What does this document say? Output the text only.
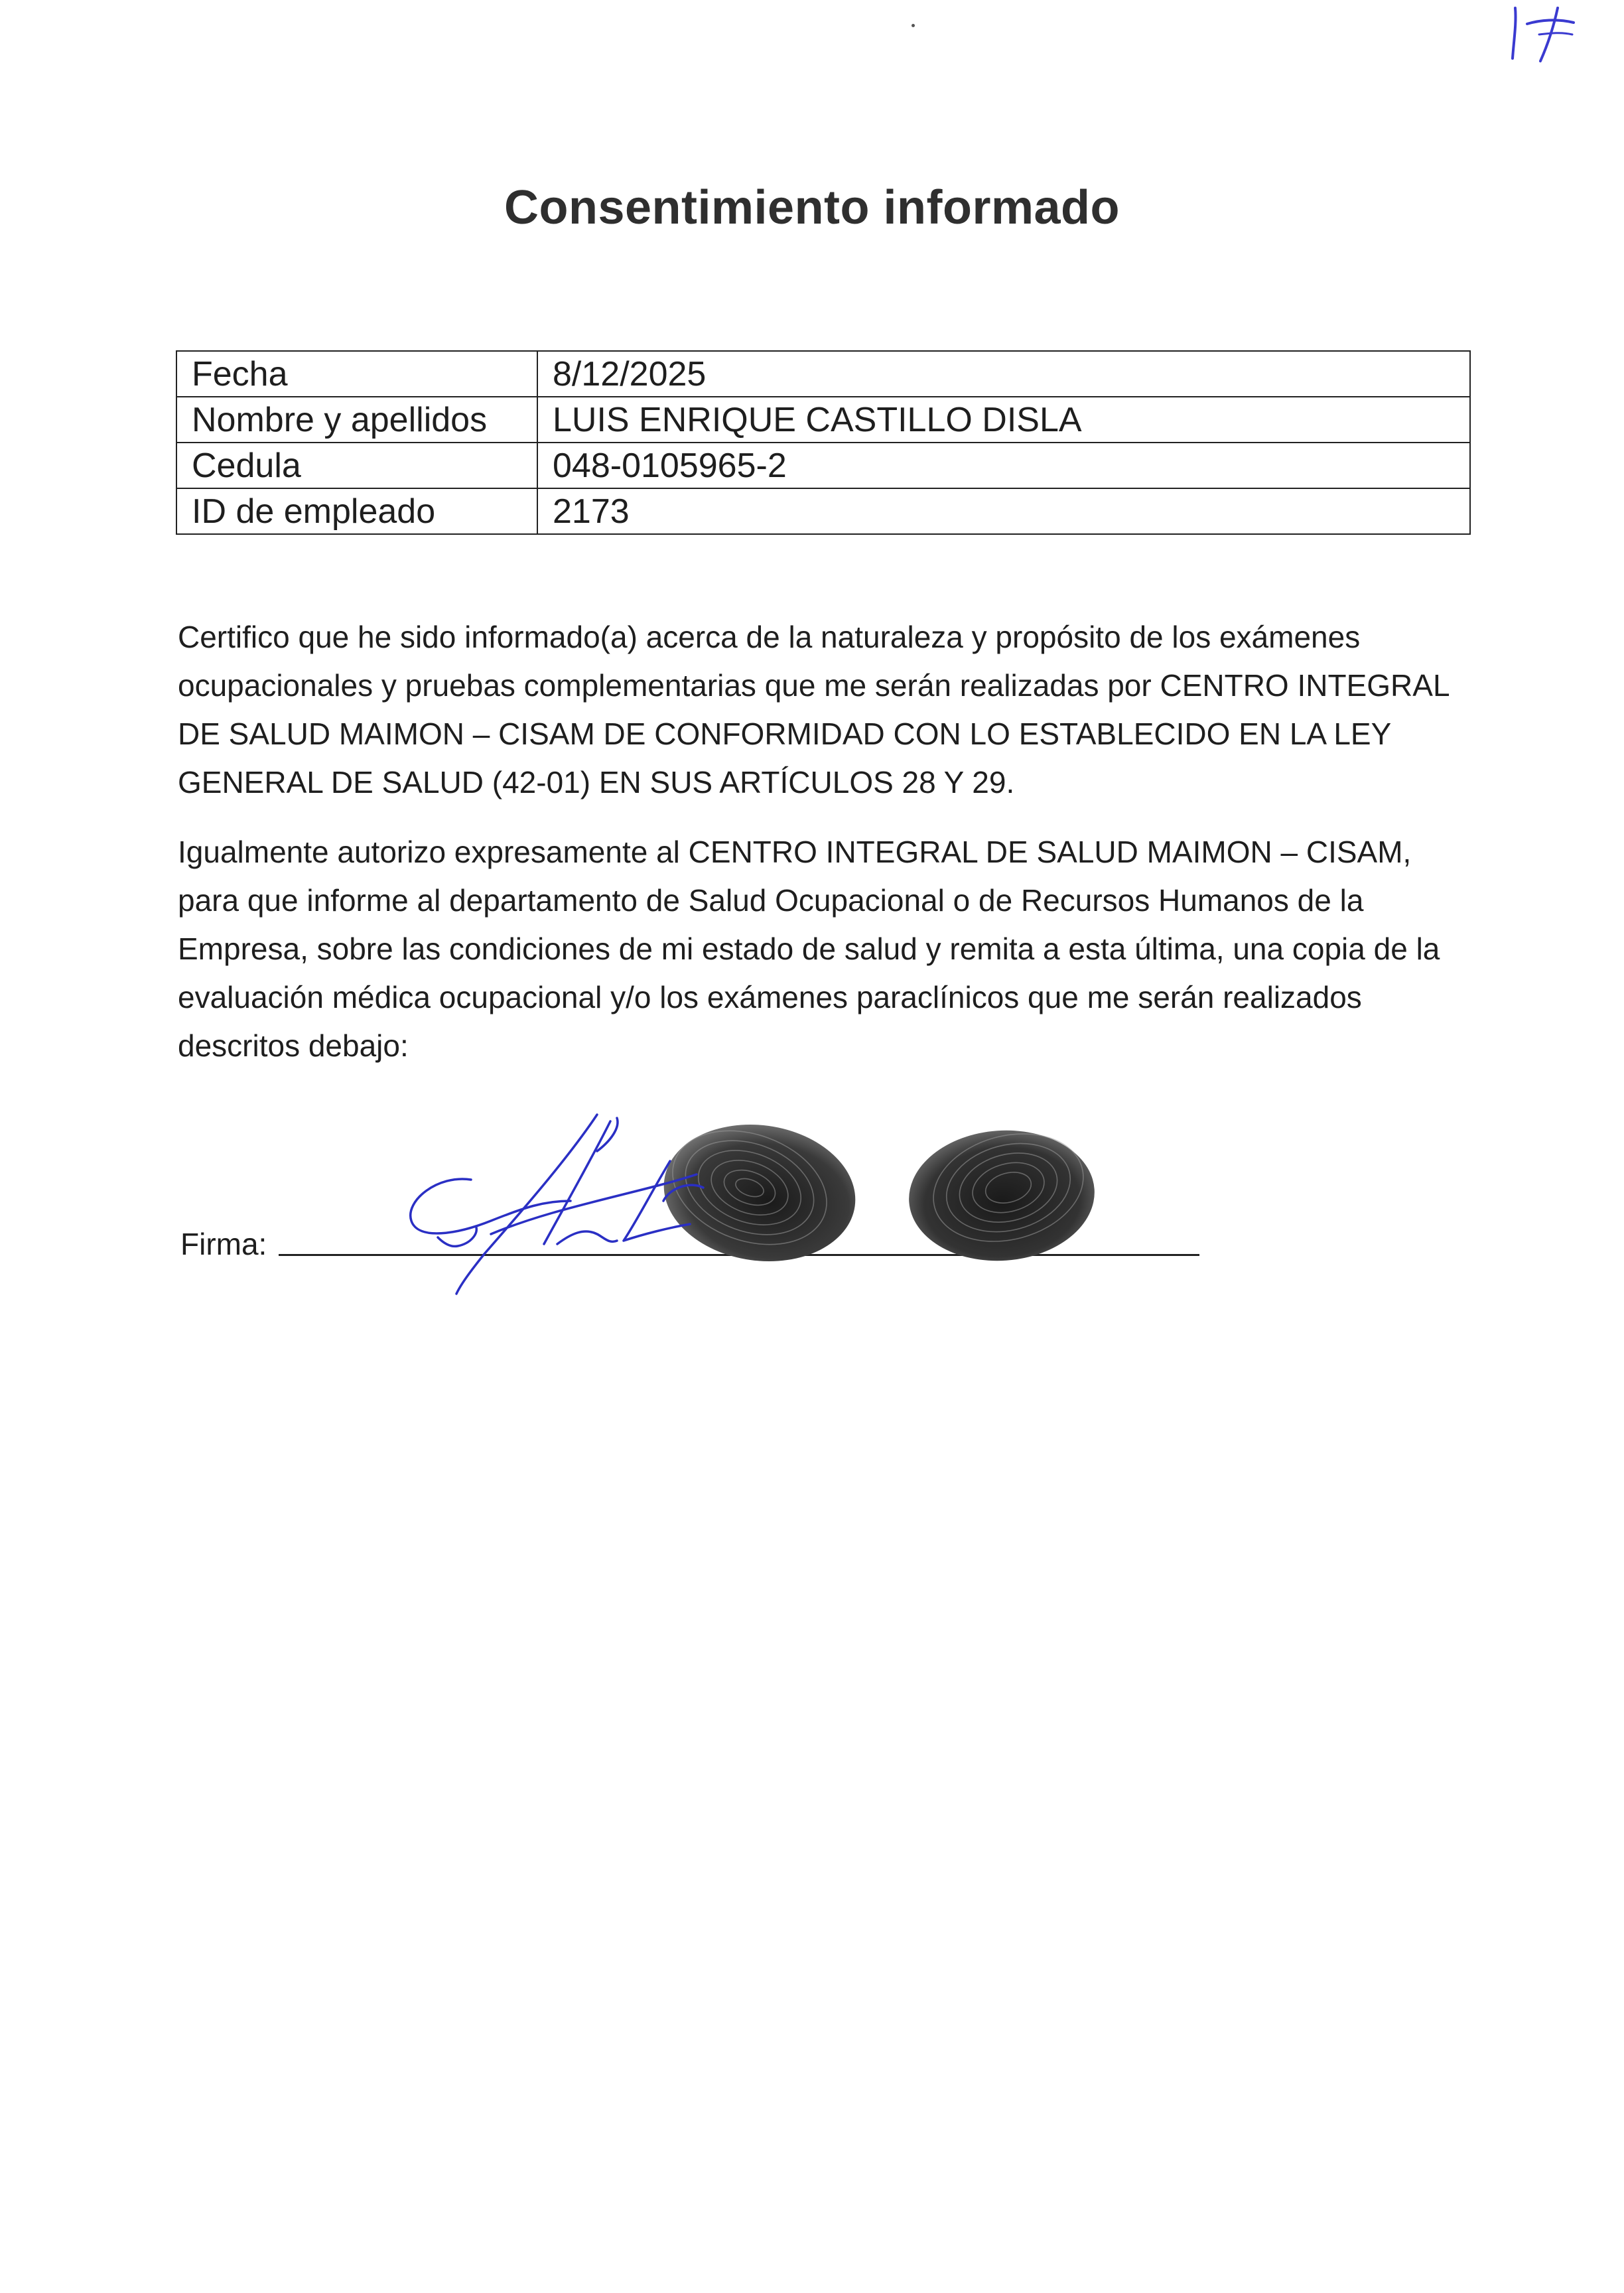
Consentimiento informado
Fecha	8/12/2025
Nombre y apellidos	LUIS ENRIQUE CASTILLO DISLA
Cedula	048-0105965-2
ID de empleado	2173

Certifico que he sido informado(a) acerca de la naturaleza y propósito de los exámenes ocupacionales y pruebas complementarias que me serán realizadas por CENTRO INTEGRAL DE SALUD MAIMON – CISAM DE CONFORMIDAD CON LO ESTABLECIDO EN LA LEY GENERAL DE SALUD (42-01) EN SUS ARTÍCULOS 28 Y 29.

Igualmente autorizo expresamente al CENTRO INTEGRAL DE SALUD MAIMON – CISAM, para que informe al departamento de Salud Ocupacional o de Recursos Humanos de la Empresa, sobre las condiciones de mi estado de salud y remita a esta última, una copia de la evaluación médica ocupacional y/o los exámenes paraclínicos que me serán realizados descritos debajo:

Firma:
